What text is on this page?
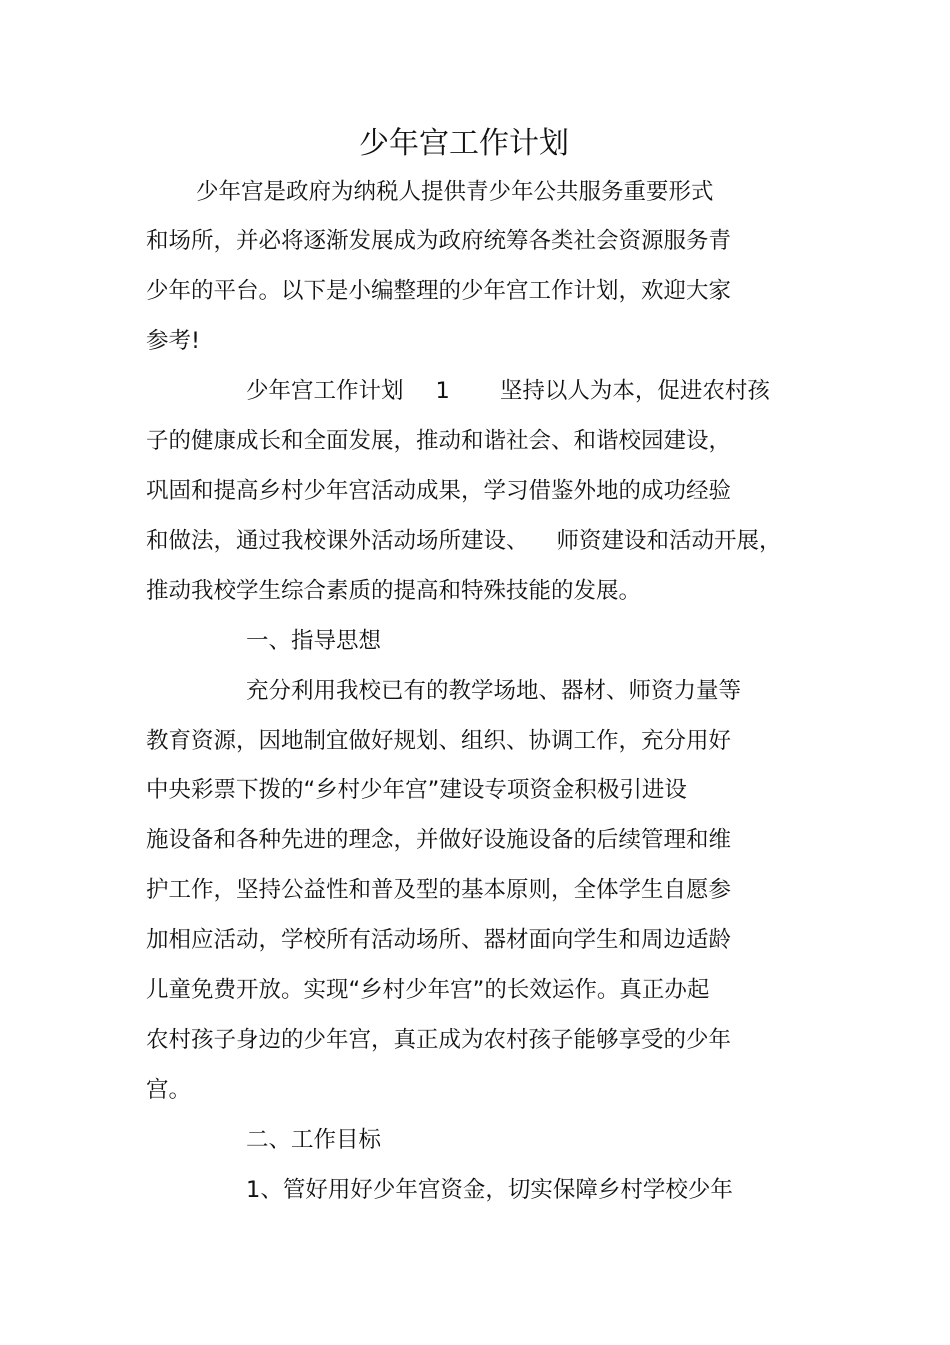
少年宫工作计划
少年宫是政府为纳税人提供青少年公共服务重要形式
和场所，并必将逐渐发展成为政府统筹各类社会资源服务青
少年的平台。以下是小编整理的少年宫工作计划，欢迎大家
参考!
少年宫工作计划 1 坚持以人为本，促进农村孩
子的健康成长和全面发展，推动和谐社会、和谐校园建设，
巩固和提高乡村少年宫活动成果，学习借鉴外地的成功经验
和做法，通过我校课外活动场所建设、 师资建设和活动开展，
推动我校学生综合素质的提高和特殊技能的发展。
一、指导思想
充分利用我校已有的教学场地、器材、师资力量等
教育资源，因地制宜做好规划、组织、协调工作，充分用好
中央彩票下拨的“乡村少年宫”建设专项资金积极引进设
施设备和各种先进的理念，并做好设施设备的后续管理和维
护工作，坚持公益性和普及型的基本原则，全体学生自愿参
加相应活动，学校所有活动场所、器材面向学生和周边适龄
儿童免费开放。实现“乡村少年宫”的长效运作。真正办起
农村孩子身边的少年宫，真正成为农村孩子能够享受的少年
宫。
二、工作目标
1、管好用好少年宫资金，切实保障乡村学校少年
